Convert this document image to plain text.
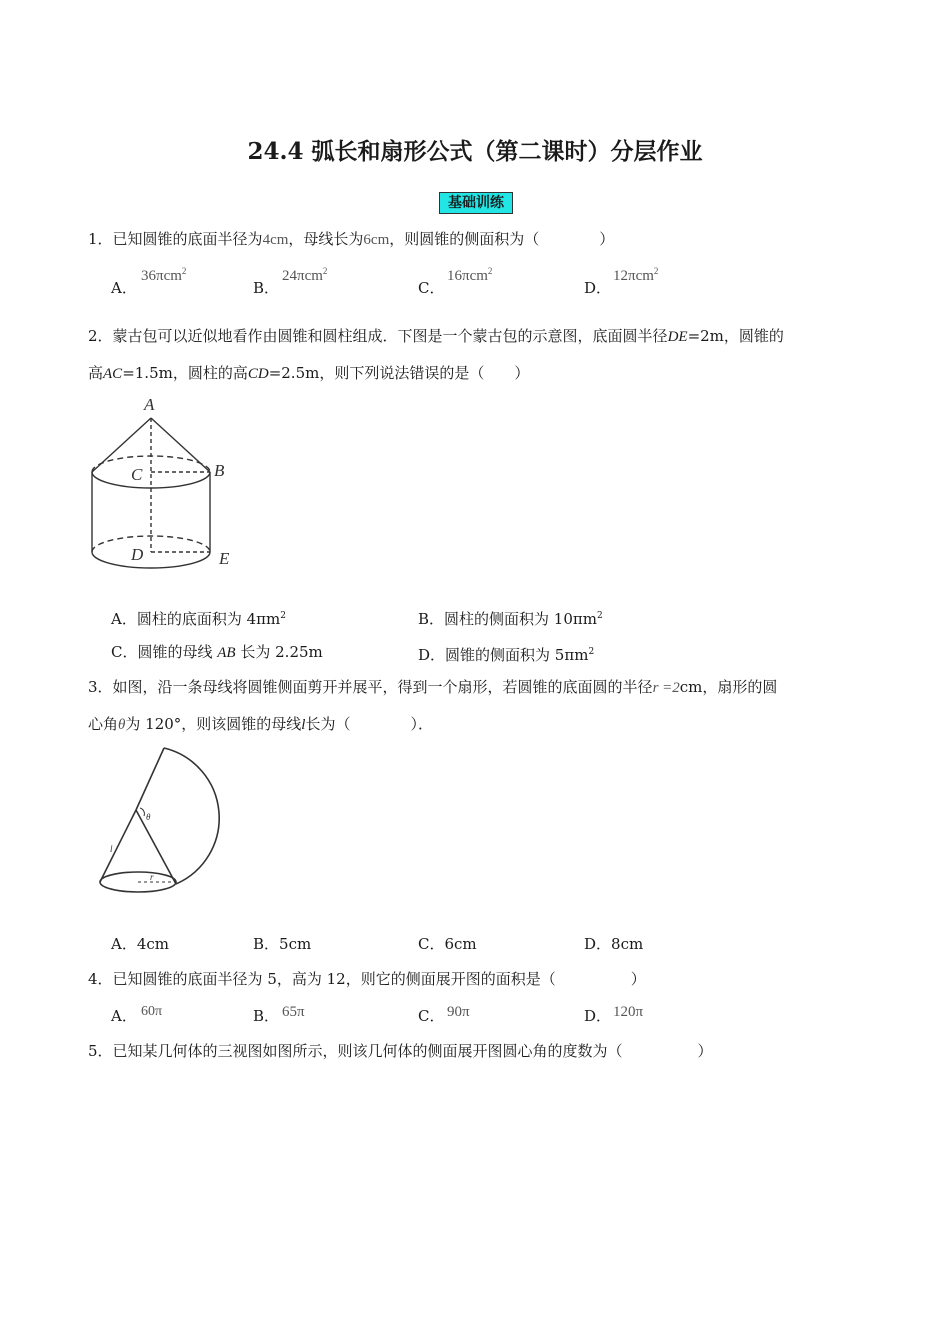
24.4 弧长和扇形公式（第二课时）分层作业
基础训练
1．已知圆锥的底面半径为4cm，母线长为6cm，则圆锥的侧面积为（　　　　）
A．
36πcm$^2$
B．
24πcm$^2$
C．
16πcm$^2$
D．
12πcm$^2$
2．蒙古包可以近似地看作由圆锥和圆柱组成．下图是一个蒙古包的示意图，底面圆半径DE=2m，圆锥的
高AC=1.5m，圆柱的高CD=2.5m，则下列说法错误的是（　　）
A
B
C
D	E
A．圆柱的底面积为 $4\pi m^2$	B．圆柱的侧面积为 $10\pi m^2$
C．圆锥的母线 AB 长为 2.25m	D．圆锥的侧面积为 $5\pi m^2$
3．如图，沿一条母线将圆锥侧面剪开并展平，得到一个扇形，若圆锥的底面圆的半径r =2cm，扇形的圆
心角θ为 120°，则该圆锥的母线l长为（　　　　）．
θ
l
r
A．4cm	B．5cm	C．6cm	D．8cm
4．已知圆锥的底面半径为 5，高为 12，则它的侧面展开图的面积是（　　　　　）
A． 60π	B． 65π	C． 90π	D． 120π
5．已知某几何体的三视图如图所示，则该几何体的侧面展开图圆心角的度数为（　　　　　）
